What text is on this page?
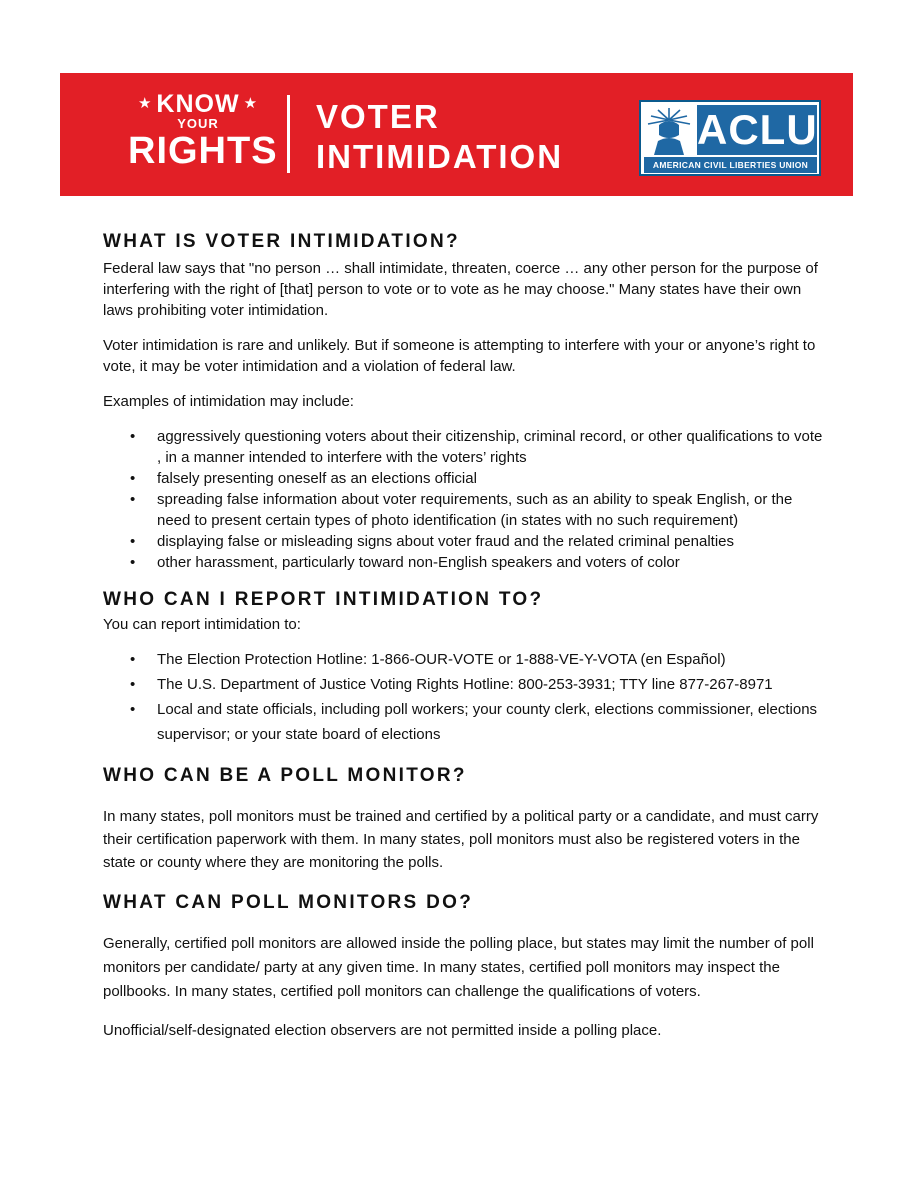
★ KNOW ★
YOUR
RIGHTS
VOTER
INTIMIDATION
ACLU
AMERICAN CIVIL LIBERTIES UNION
WHAT IS VOTER INTIMIDATION?

Federal law says that "no person … shall intimidate, threaten, coerce … any other person for the purpose of interfering with the right of [that] person to vote or to vote as he may choose." Many states have their own laws prohibiting voter intimidation.

Voter intimidation is rare and unlikely. But if someone is attempting to interfere with your or anyone’s right to vote, it may be voter intimidation and a violation of federal law.

Examples of intimidation may include:

• aggressively questioning voters about their citizenship, criminal record, or other qualifications to vote , in a manner intended to interfere with the voters’ rights
• falsely presenting oneself as an elections official
• spreading false information about voter requirements, such as an ability to speak English, or the need to present certain types of photo identification (in states with no such requirement)
• displaying false or misleading signs about voter fraud and the related criminal penalties
• other harassment, particularly toward non-English speakers and voters of color
WHO CAN I REPORT INTIMIDATION TO?

You can report intimidation to:

• The Election Protection Hotline: 1-866-OUR-VOTE or 1-888-VE-Y-VOTA (en Español)
• The U.S. Department of Justice Voting Rights Hotline: 800-253-3931; TTY line 877-267-8971
• Local and state officials, including poll workers; your county clerk, elections commissioner, elections supervisor; or your state board of elections
WHO CAN BE A POLL MONITOR?

In many states, poll monitors must be trained and certified by a political party or a candidate, and must carry their certification paperwork with them. In many states, poll monitors must also be registered voters in the state or county where they are monitoring the polls.

WHAT CAN POLL MONITORS DO?

Generally, certified poll monitors are allowed inside the polling place, but states may limit the number of poll monitors per candidate/ party at any given time. In many states, certified poll monitors may inspect the pollbooks. In many states, certified poll monitors can challenge the qualifications of voters.

Unofficial/self-designated election observers are not permitted inside a polling place.
